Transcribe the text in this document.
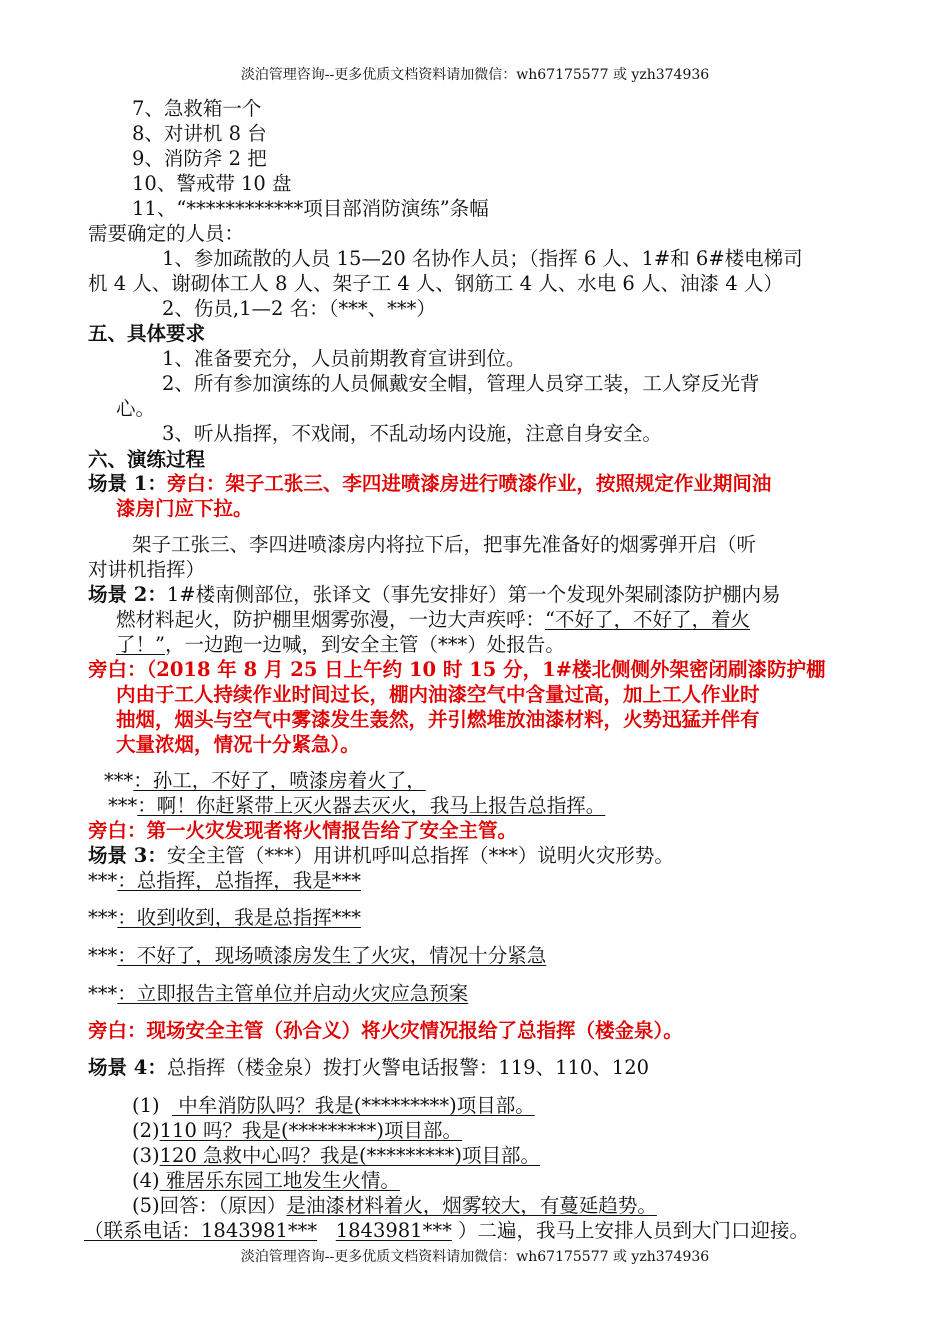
淡泊管理咨询--更多优质文档资料请加微信：wh67175577 或 yzh374936
7、急救箱一个
8、对讲机 8 台
9、消防斧 2 把
10、警戒带 10 盘
11、“************项目部消防演练”条幅
需要确定的人员：
1、参加疏散的人员 15—20 名协作人员；（指挥 6 人、1#和 6#楼电梯司
机 4 人、谢砌体工人 8 人、架子工 4 人、钢筋工 4 人、水电 6 人、油漆 4 人）
2、伤员,1—2 名：（***、***）
五、具体要求
1、准备要充分，人员前期教育宣讲到位。
2、所有参加演练的人员佩戴安全帽，管理人员穿工装，工人穿反光背
心。
3、听从指挥，不戏闹，不乱动场内设施，注意自身安全。
六、演练过程
场景 1：旁白：架子工张三、李四进喷漆房进行喷漆作业，按照规定作业期间油
漆房门应下拉。
架子工张三、李四进喷漆房内将拉下后，把事先准备好的烟雾弹开启（听
对讲机指挥）
场景 2：1#楼南侧部位，张译文（事先安排好）第一个发现外架刷漆防护棚内易
燃材料起火，防护棚里烟雾弥漫，一边大声疾呼：“不好了，不好了，着火
了！”，一边跑一边喊，到安全主管（***）处报告。
旁白：（2018 年 8 月 25 日上午约 10 时 15 分，1#楼北侧侧外架密闭刷漆防护棚
内由于工人持续作业时间过长，棚内油漆空气中含量过高，加上工人作业时
抽烟，烟头与空气中雾漆发生轰然，并引燃堆放油漆材料，火势迅猛并伴有
大量浓烟，情况十分紧急）。
***：孙工，不好了，喷漆房着火了，
***：啊！你赶紧带上灭火器去灭火，我马上报告总指挥。
旁白：第一火灾发现者将火情报告给了安全主管。
场景 3：安全主管（***）用讲机呼叫总指挥（***）说明火灾形势。
***：总指挥，总指挥，我是***
***：收到收到，我是总指挥***
***：不好了，现场喷漆房发生了火灾，情况十分紧急
***：立即报告主管单位并启动火灾应急预案
旁白：现场安全主管（孙合义）将火灾情况报给了总指挥（楼金泉）。
场景 4：总指挥（楼金泉）拨打火警电话报警：119、110、120
(1)   中牟消防队吗？我是(*********)项目部。
(2)110 吗？我是(*********)项目部。
(3)120 急救中心吗？我是(*********)项目部。
(4) 雅居乐东园工地发生火情。
(5)回答：（原因）是油漆材料着火，烟雾较大，有蔓延趋势。
（联系电话：1843981*** 1843981*** ）二遍，我马上安排人员到大门口迎接。
淡泊管理咨询--更多优质文档资料请加微信：wh67175577 或 yzh374936
